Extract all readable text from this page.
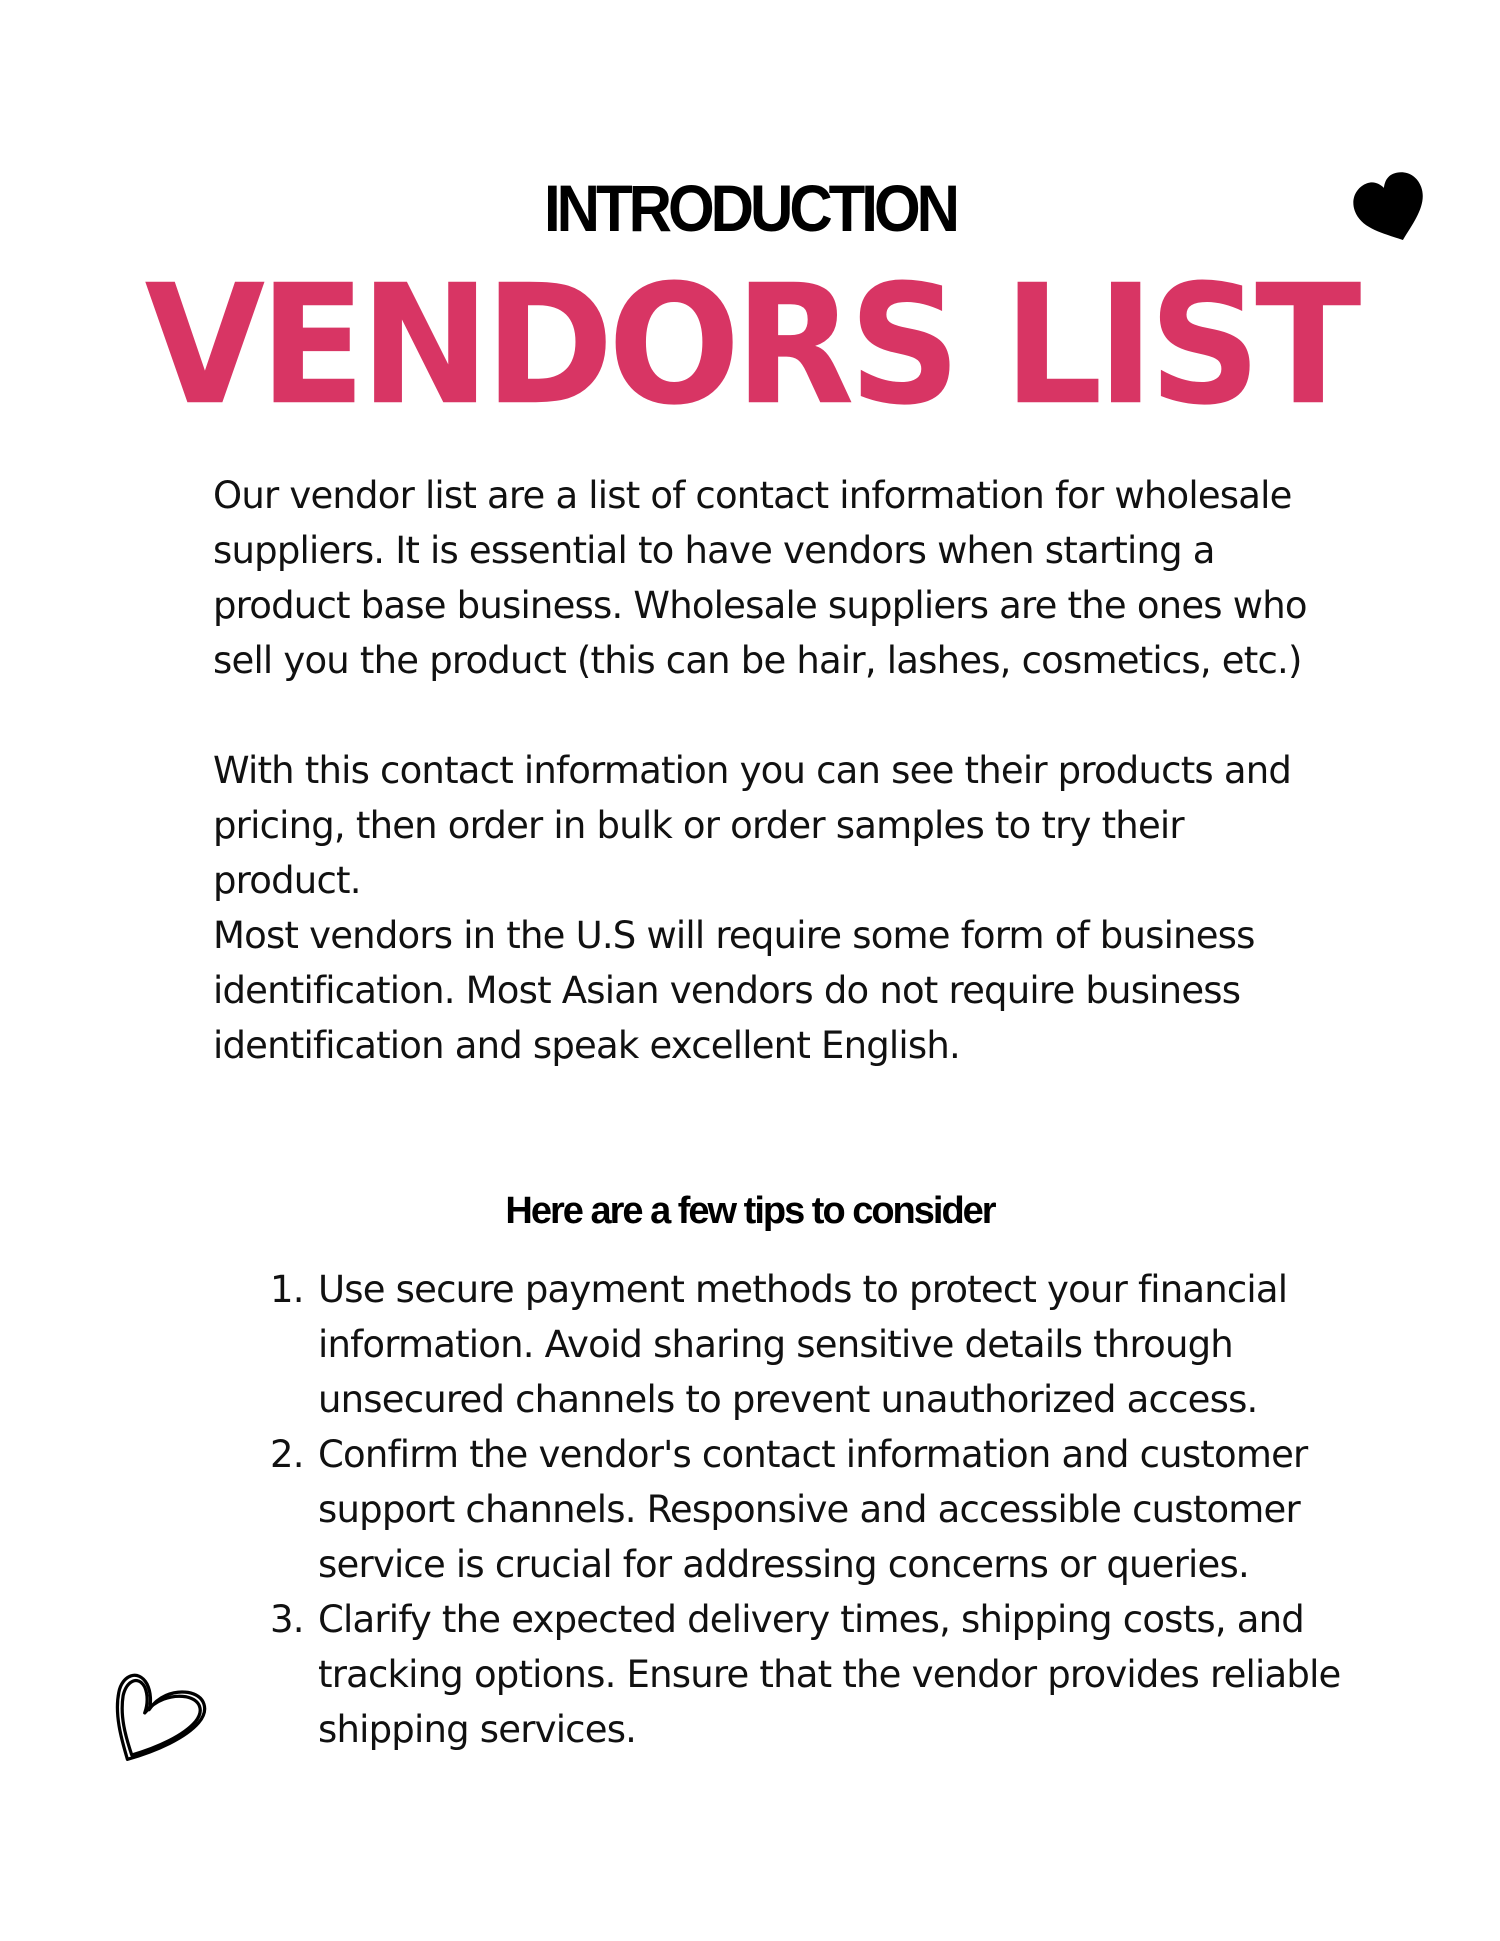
INTRODUCTION
VENDORS LIST

Our vendor list are a list of contact information for wholesale suppliers. It is essential to have vendors when starting a product base business. Wholesale suppliers are the ones who sell you the product (this can be hair, lashes, cosmetics, etc.)

With this contact information you can see their products and pricing, then order in bulk or order samples to try their product.

Most vendors in the U.S will require some form of business identification. Most Asian vendors do not require business identification and speak excellent English.

Here are a few tips to consider
1. Use secure payment methods to protect your financial information. Avoid sharing sensitive details through unsecured channels to prevent unauthorized access.
2. Confirm the vendor's contact information and customer support channels. Responsive and accessible customer service is crucial for addressing concerns or queries.
3. Clarify the expected delivery times, shipping costs, and tracking options. Ensure that the vendor provides reliable shipping services.
